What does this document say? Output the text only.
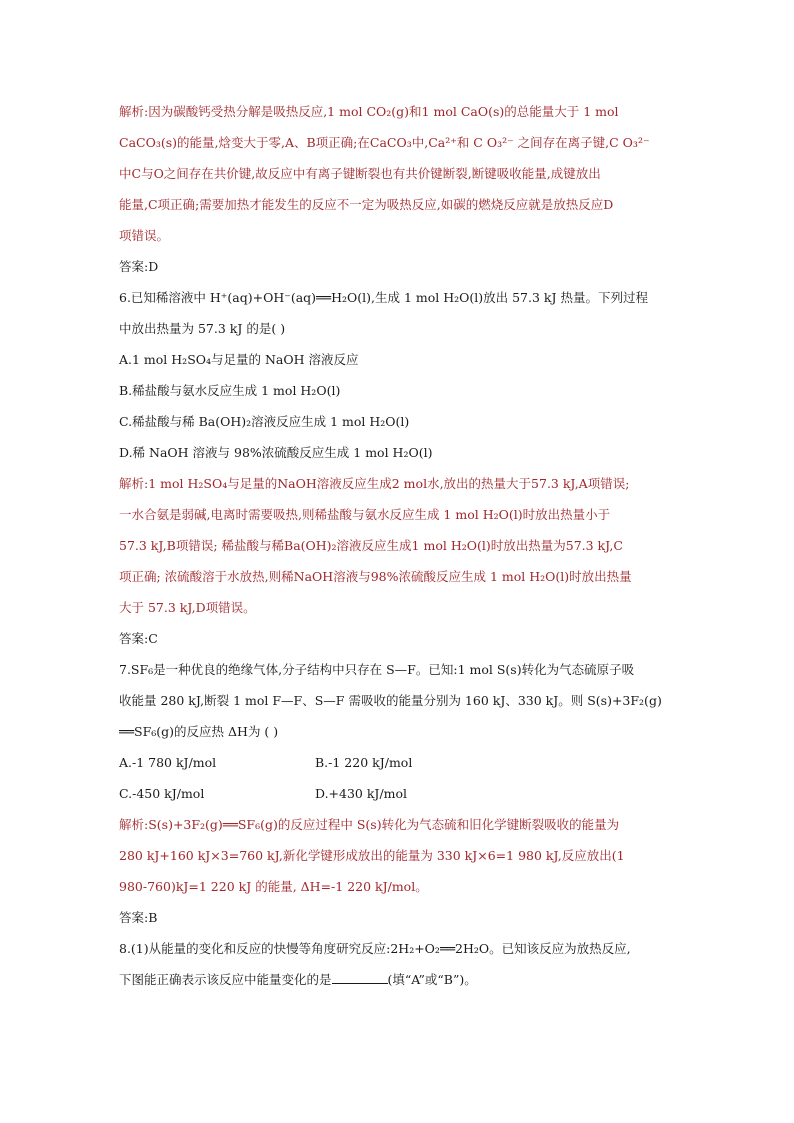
解析:因为碳酸钙受热分解是吸热反应,1 mol CO₂(g)和1 mol CaO(s)的总能量大于 1 mol
CaCO₃(s)的能量,焓变大于零,A、B项正确;在CaCO₃中,Ca²⁺和 C O₃²⁻ 之间存在离子键,C O₃²⁻
中C与O之间存在共价键,故反应中有离子键断裂也有共价键断裂,断键吸收能量,成键放出
能量,C项正确;需要加热才能发生的反应不一定为吸热反应,如碳的燃烧反应就是放热反应D
项错误。
答案:D
6.已知稀溶液中 H⁺(aq)+OH⁻(aq)══H₂O(l),生成 1 mol H₂O(l)放出 57.3 kJ 热量。下列过程
中放出热量为 57.3 kJ 的是( )
A.1 mol H₂SO₄与足量的 NaOH 溶液反应
B.稀盐酸与氨水反应生成 1 mol H₂O(l)
C.稀盐酸与稀 Ba(OH)₂溶液反应生成 1 mol H₂O(l)
D.稀 NaOH 溶液与 98%浓硫酸反应生成 1 mol H₂O(l)
解析:1 mol H₂SO₄与足量的NaOH溶液反应生成2 mol水,放出的热量大于57.3 kJ,A项错误;
一水合氨是弱碱,电离时需要吸热,则稀盐酸与氨水反应生成 1 mol H₂O(l)时放出热量小于
57.3 kJ,B项错误; 稀盐酸与稀Ba(OH)₂溶液反应生成1 mol H₂O(l)时放出热量为57.3 kJ,C
项正确; 浓硫酸溶于水放热,则稀NaOH溶液与98%浓硫酸反应生成 1 mol H₂O(l)时放出热量
大于 57.3 kJ,D项错误。
答案:C
7.SF₆是一种优良的绝缘气体,分子结构中只存在 S—F。已知:1 mol S(s)转化为气态硫原子吸
收能量 280 kJ,断裂 1 mol F—F、S—F 需吸收的能量分别为 160 kJ、330 kJ。则 S(s)+3F₂(g)
══SF₆(g)的反应热 ΔH为 ( )
A.-1 780 kJ/mol	B.-1 220 kJ/mol
C.-450 kJ/mol	D.+430 kJ/mol
解析:S(s)+3F₂(g)══SF₆(g)的反应过程中 S(s)转化为气态硫和旧化学键断裂吸收的能量为
280 kJ+160 kJ×3=760 kJ,新化学键形成放出的能量为 330 kJ×6=1 980 kJ,反应放出(1
980-760)kJ=1 220 kJ 的能量, ΔH=-1 220 kJ/mol。
答案:B
8.(1)从能量的变化和反应的快慢等角度研究反应:2H₂+O₂══2H₂O。已知该反应为放热反应,
下图能正确表示该反应中能量变化的是	(填“A”或“B”)。
